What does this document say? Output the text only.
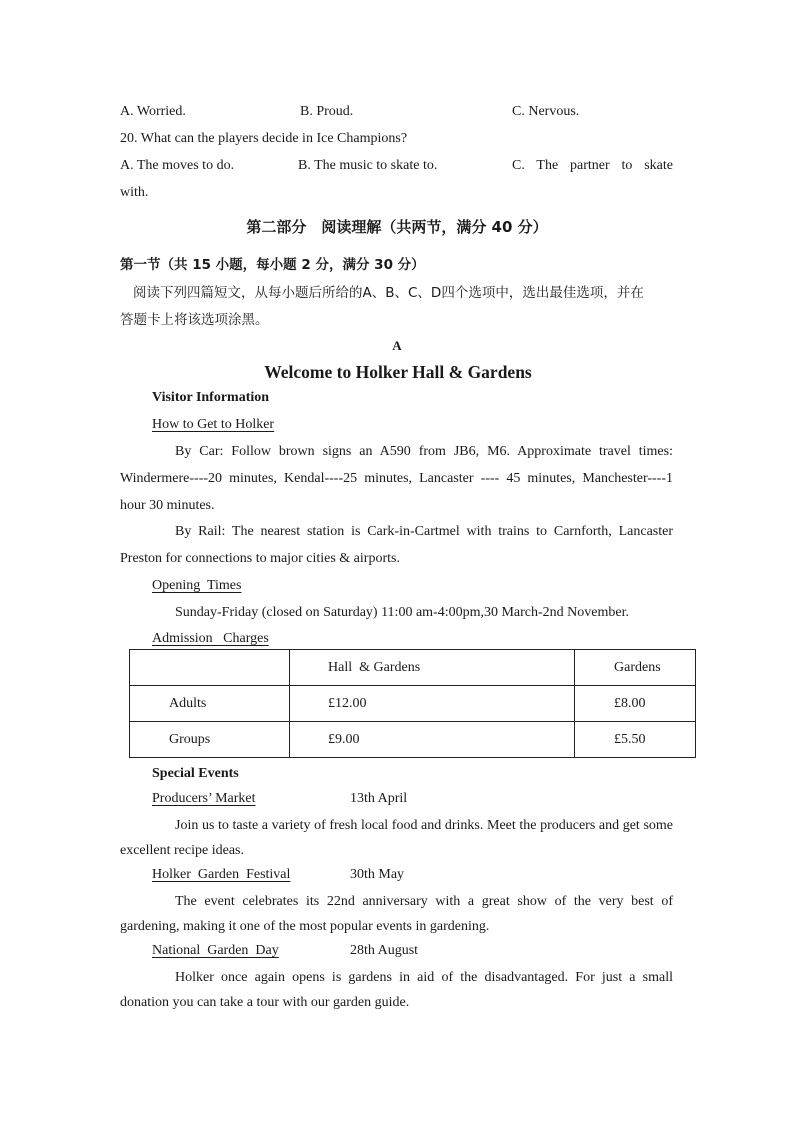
A. Worried.	B. Proud.	C. Nervous.
20. What can the players decide in Ice Champions?
A. The moves to do.	B. The music to skate to.	C. The partner to skate
with.
第二部分　阅读理解（共两节，满分 40 分）
第一节（共 15 小题，每小题 2 分，满分 30 分）
阅读下列四篇短文，从每小题后所给的A、B、C、D四个选项中，选出最佳选项，并在
答题卡上将该选项涂黑。
A
Welcome to Holker Hall & Gardens
Visitor Information
How to Get to Holker
By Car: Follow brown signs an A590 from JB6, M6. Approximate travel times:
Windermere----20 minutes, Kendal----25 minutes, Lancaster ---- 45 minutes, Manchester----1
hour 30 minutes.
By Rail: The nearest station is Cark-in-Cartmel with trains to Carnforth, Lancaster
Preston for connections to major cities & airports.
Opening  Times
Sunday-Friday (closed on Saturday) 11:00 am-4:00pm,30 March-2nd November.
Admission   Charges
	Hall  & Gardens	Gardens
Adults	£12.00	£8.00
Groups	£9.00	£5.50
Special Events
Producers’ Market	13th April
Join us to taste a variety of fresh local food and drinks. Meet the producers and get some
excellent recipe ideas.
Holker  Garden  Festival	30th May
The event celebrates its 22nd anniversary with a great show of the very best of
gardening, making it one of the most popular events in gardening.
National  Garden  Day	28th August
Holker once again opens is gardens in aid of the disadvantaged. For just a small
donation you can take a tour with our garden guide.
